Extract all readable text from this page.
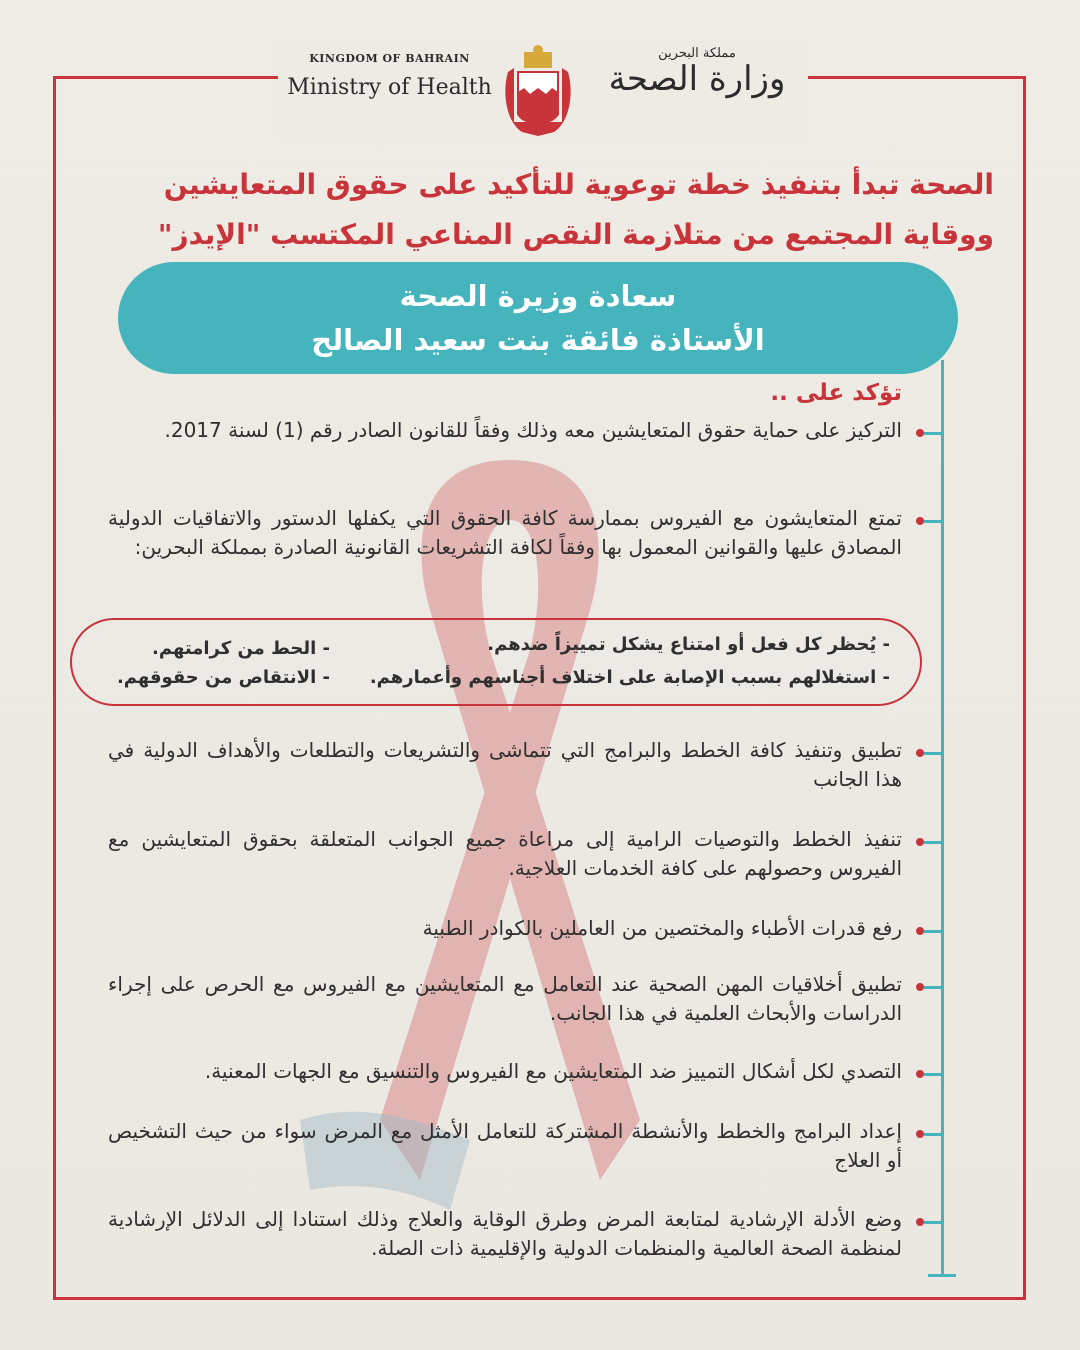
KINGDOM OF BAHRAIN
Ministry of Health
مملكة البحرين
وزارة الصحة
الصحة تبدأ بتنفيذ خطة توعوية للتأكيد على حقوق المتعايشين
ووقاية المجتمع من متلازمة النقص المناعي المكتسب "الإيدز"
سعادة وزيرة الصحة
الأستاذة فائقة بنت سعيد الصالح
تؤكد على ..
التركيز على حماية حقوق المتعايشين معه وذلك وفقاً للقانون الصادر رقم (1) لسنة 2017.
تمتع المتعايشون مع الفيروس بممارسة كافة الحقوق التي يكفلها الدستور والاتفاقيات الدولية المصادق عليها والقوانين المعمول بها وفقاً لكافة التشريعات القانونية الصادرة بمملكة البحرين:
- يُحظر كل فعل أو امتناع يشكل تمييزاً ضدهم.
- الحط من كرامتهم.
- استغلالهم بسبب الإصابة على اختلاف أجناسهم وأعمارهم.
- الانتقاص من حقوقهم.
تطبيق وتنفيذ كافة الخطط والبرامج التي تتماشى والتشريعات والتطلعات والأهداف الدولية في هذا الجانب
تنفيذ الخطط والتوصيات الرامية إلى مراعاة جميع الجوانب المتعلقة بحقوق المتعايشين مع الفيروس وحصولهم على كافة الخدمات العلاجية.
رفع قدرات الأطباء والمختصين من العاملين بالكوادر الطبية
تطبيق أخلاقيات المهن الصحية عند التعامل مع المتعايشين مع الفيروس مع الحرص على إجراء الدراسات والأبحاث العلمية في هذا الجانب.
التصدي لكل أشكال التمييز ضد المتعايشين مع الفيروس والتنسيق مع الجهات المعنية.
إعداد البرامج والخطط والأنشطة المشتركة للتعامل الأمثل مع المرض سواء من حيث التشخيص أو العلاج
وضع الأدلة الإرشادية لمتابعة المرض وطرق الوقاية والعلاج وذلك استنادا إلى الدلائل الإرشادية لمنظمة الصحة العالمية والمنظمات الدولية والإقليمية ذات الصلة.
